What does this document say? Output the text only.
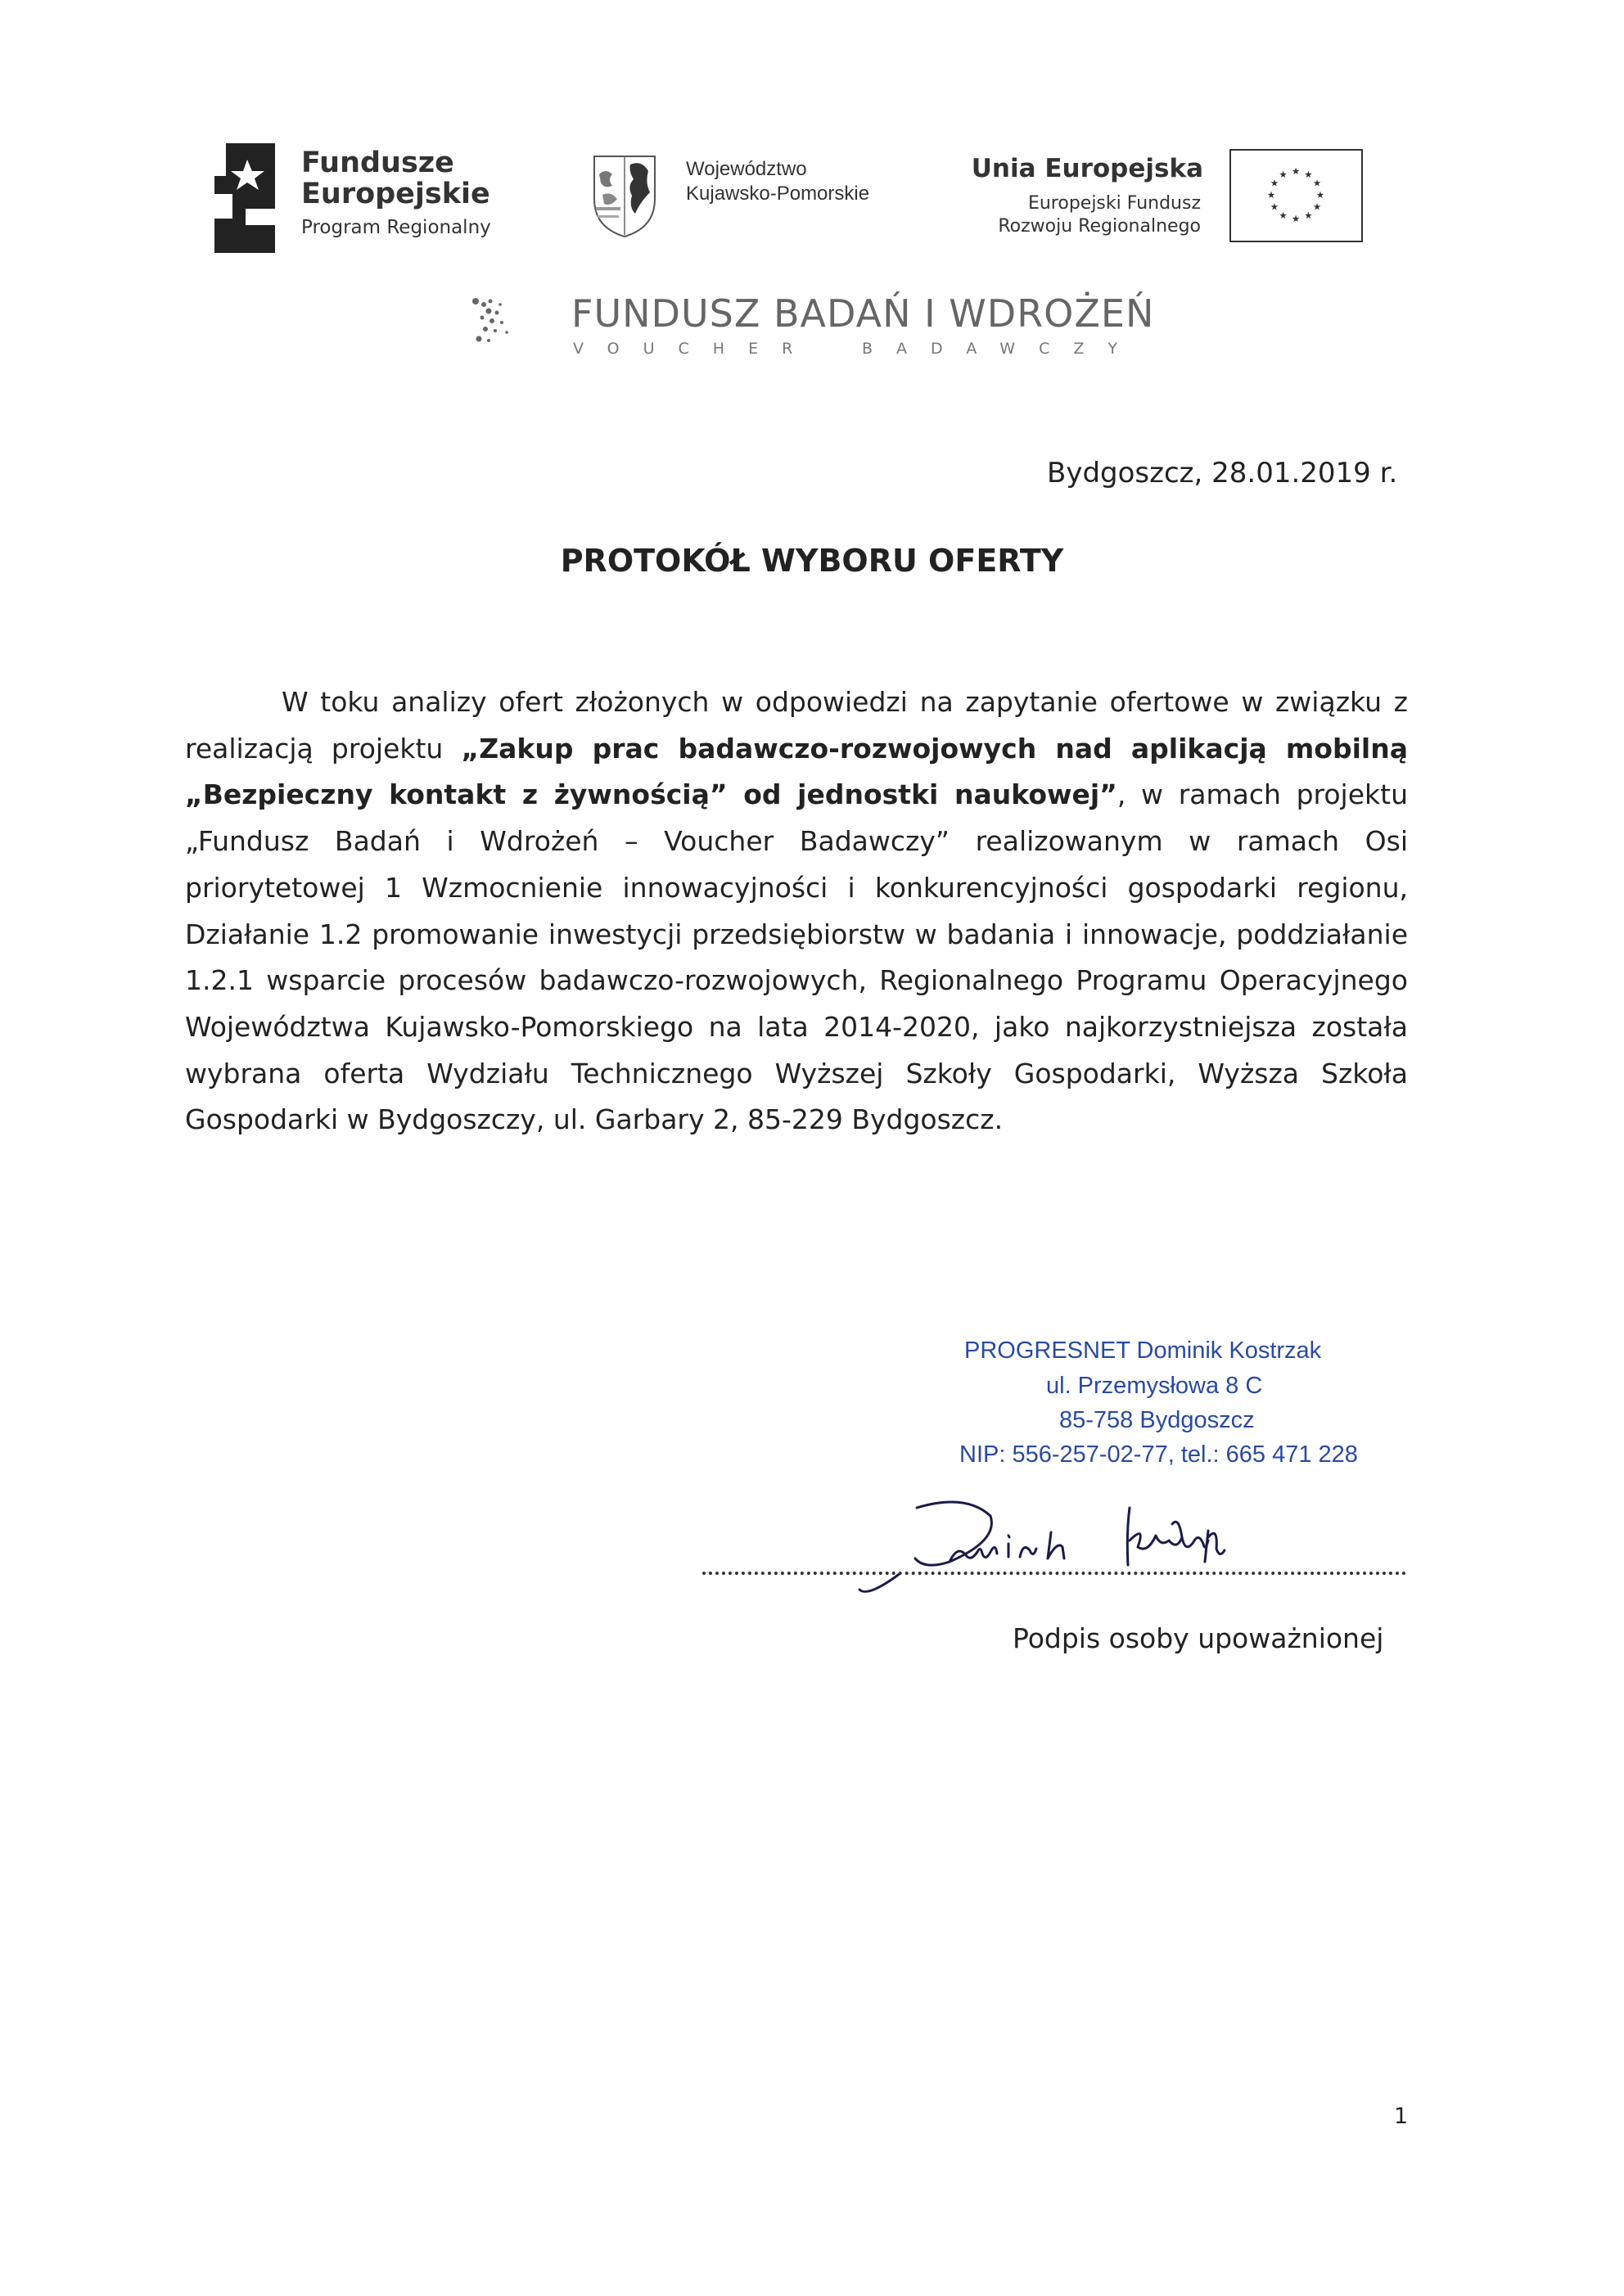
Fundusze
Europejskie
Program Regionalny
Województwo
Kujawsko-Pomorskie
Unia Europejska
Europejski Fundusz
Rozwoju Regionalnego
★ ★
★
★
★
★
★
★
★
★
★
★
FUNDUSZ BADAŃ I WDROŻEŃ
VOUCHER	BADAWCZY
Bydgoszcz, 28.01.2019 r.
PROTOKÓŁ WYBORU OFERTY
W toku analizy ofert złożonych w odpowiedzi na zapytanie ofertowe w związku z realizacją projektu „Zakup prac badawczo-rozwojowych nad aplikacją mobilną „Bezpieczny kontakt z żywnością” od jednostki naukowej”, w ramach projektu „Fundusz Badań i Wdrożeń – Voucher Badawczy” realizowanym w ramach Osi priorytetowej 1 Wzmocnienie innowacyjności i konkurencyjności gospodarki regionu, Działanie 1.2 promowanie inwestycji przedsiębiorstw w badania i innowacje, poddziałanie 1.2.1 wsparcie procesów badawczo-rozwojowych, Regionalnego Programu Operacyjnego Województwa Kujawsko-Pomorskiego na lata 2014-2020, jako najkorzystniejsza została wybrana oferta Wydziału Technicznego Wyższej Szkoły Gospodarki, Wyższa Szkoła Gospodarki w Bydgoszczy, ul. Garbary 2, 85-229 Bydgoszcz.
PROGRESNET Dominik Kostrzak
ul. Przemysłowa 8 C
85-758 Bydgoszcz
NIP: 556-257-02-77, tel.: 665 471 228
Podpis osoby upoważnionej
1
